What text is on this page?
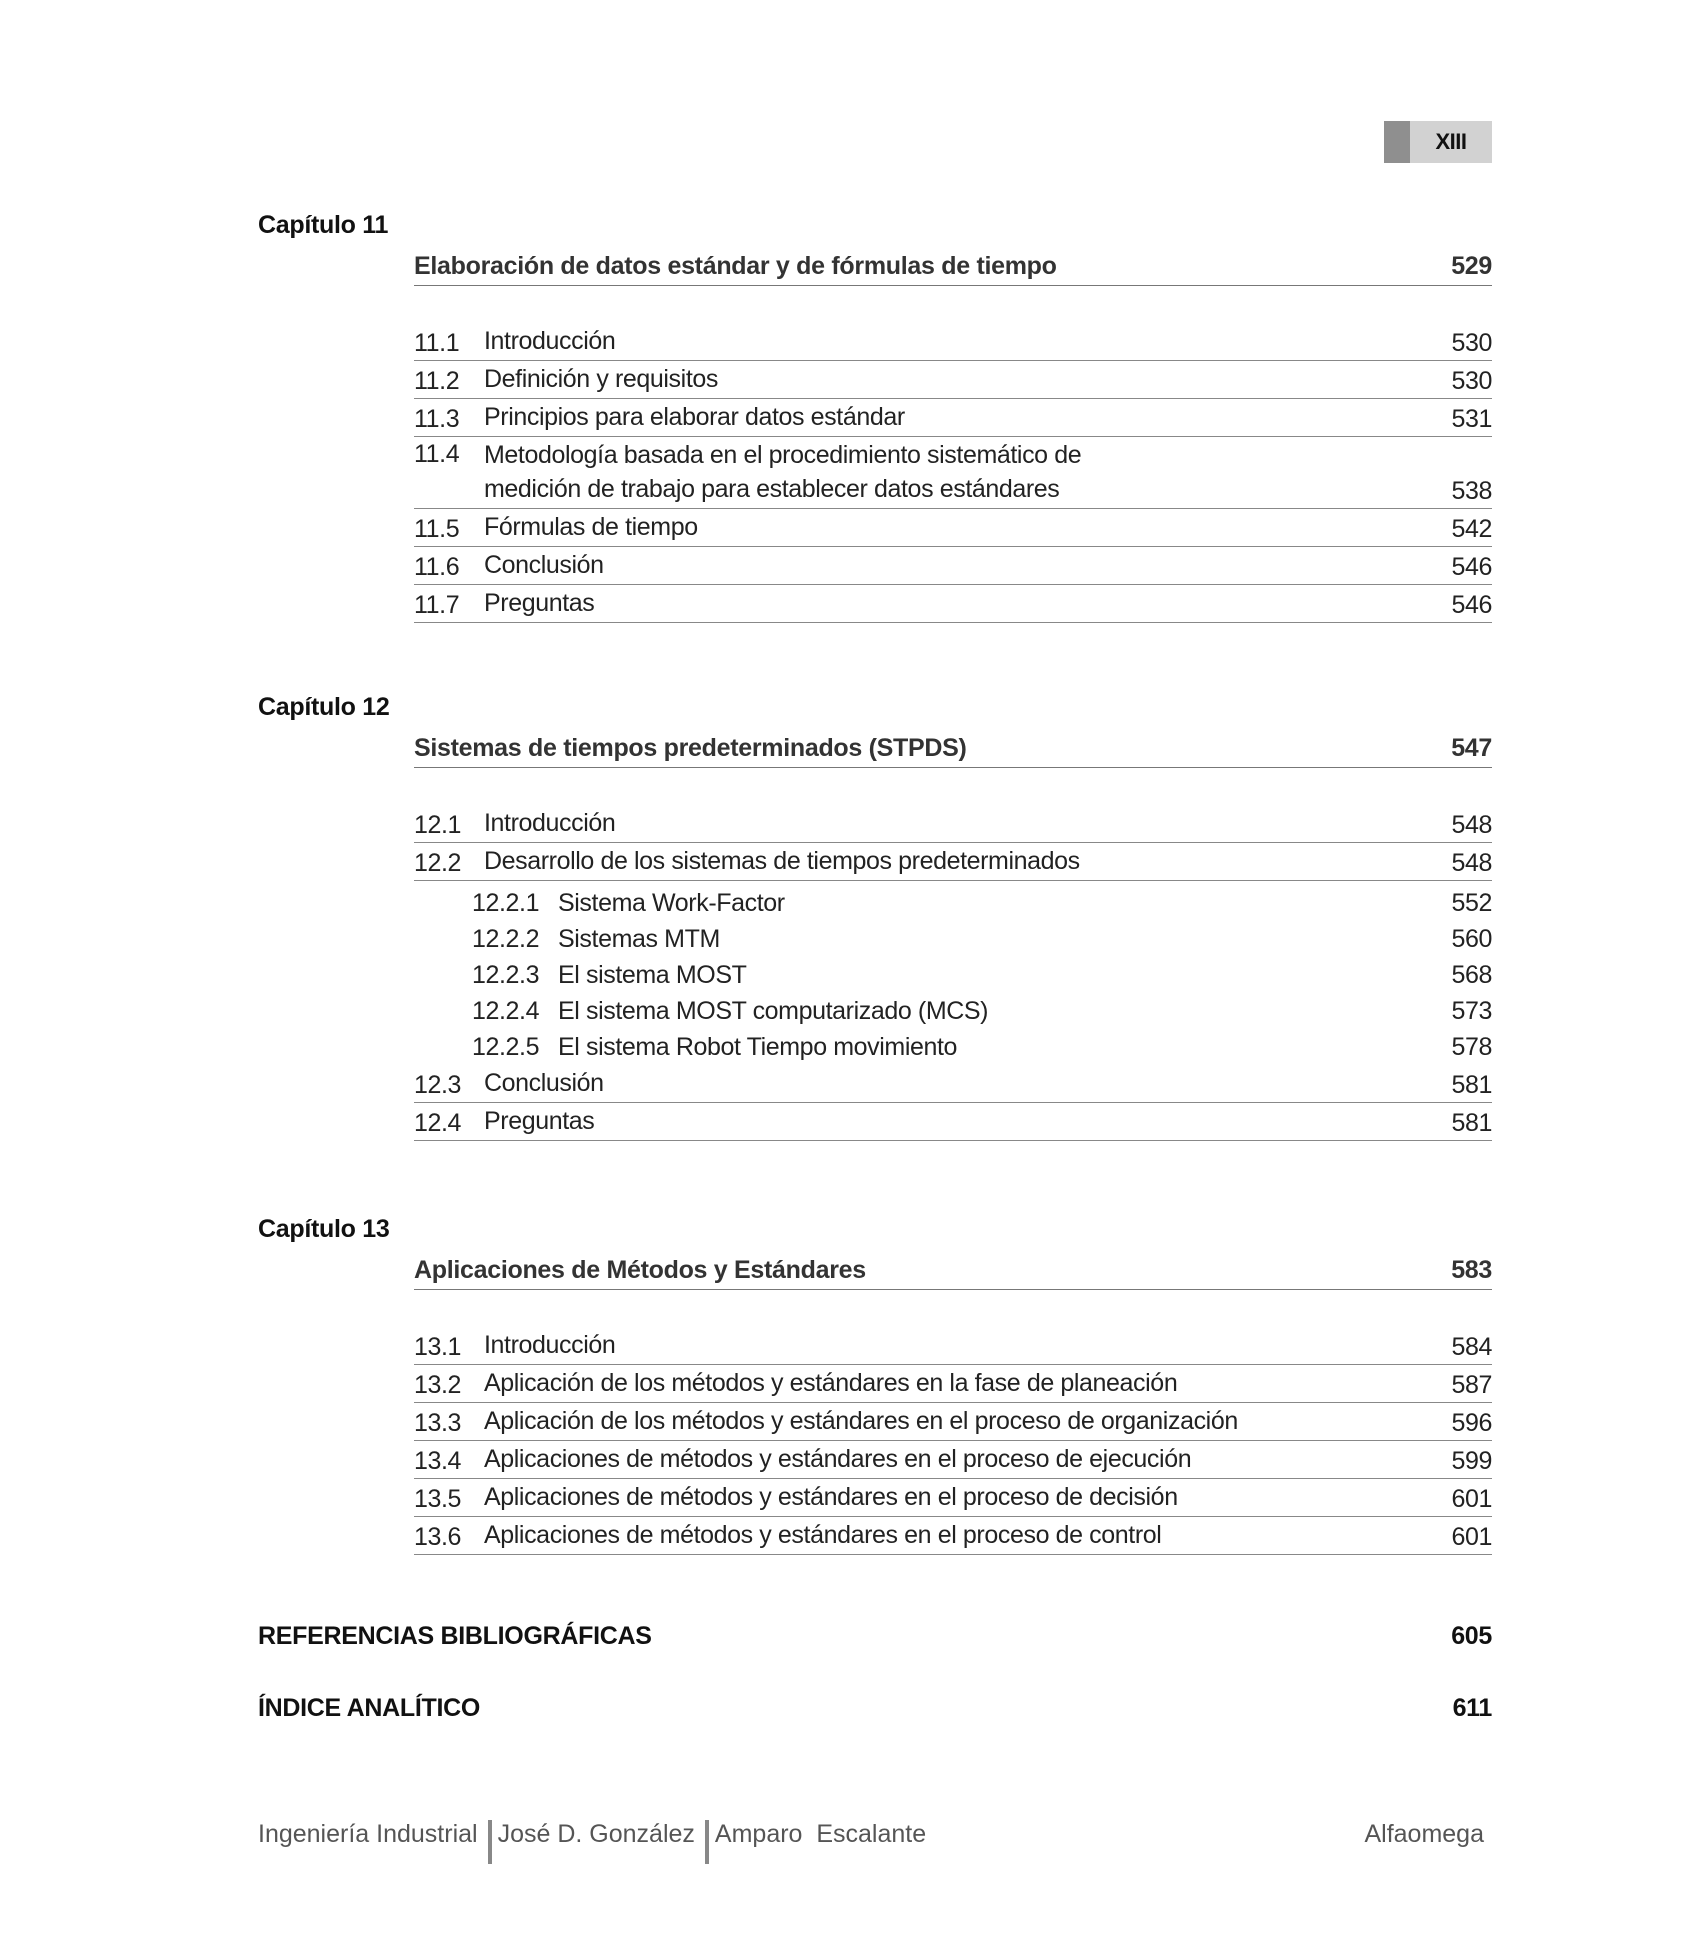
XIII
Capítulo 11
Elaboración de datos estándar y de fórmulas de tiempo	529
11.1 Introducción	530
11.2 Definición y requisitos	530
11.3 Principios para elaborar datos estándar	531
11.4 Metodología basada en el procedimiento sistemático de
medición de trabajo para establecer datos estándares	538
11.5 Fórmulas de tiempo	542
11.6 Conclusión	546
11.7 Preguntas	546
Capítulo 12
Sistemas de tiempos predeterminados (STPDS)	547
12.1 Introducción	548
12.2 Desarrollo de los sistemas de tiempos predeterminados	548
12.2.1 Sistema Work-Factor	552
12.2.2 Sistemas MTM	560
12.2.3 El sistema MOST	568
12.2.4 El sistema MOST computarizado (MCS)	573
12.2.5 El sistema Robot Tiempo movimiento	578
12.3 Conclusión	581
12.4 Preguntas	581
Capítulo 13
Aplicaciones de Métodos y Estándares	583
13.1 Introducción	584
13.2 Aplicación de los métodos y estándares en la fase de planeación	587
13.3 Aplicación de los métodos y estándares en el proceso de organización	596
13.4 Aplicaciones de métodos y estándares en el proceso de ejecución	599
13.5 Aplicaciones de métodos y estándares en el proceso de decisión	601
13.6 Aplicaciones de métodos y estándares en el proceso de control	601
REFERENCIAS BIBLIOGRÁFICAS	605
ÍNDICE ANALÍTICO	611
Ingeniería Industrial José D. González Amparo  Escalante	Alfaomega
